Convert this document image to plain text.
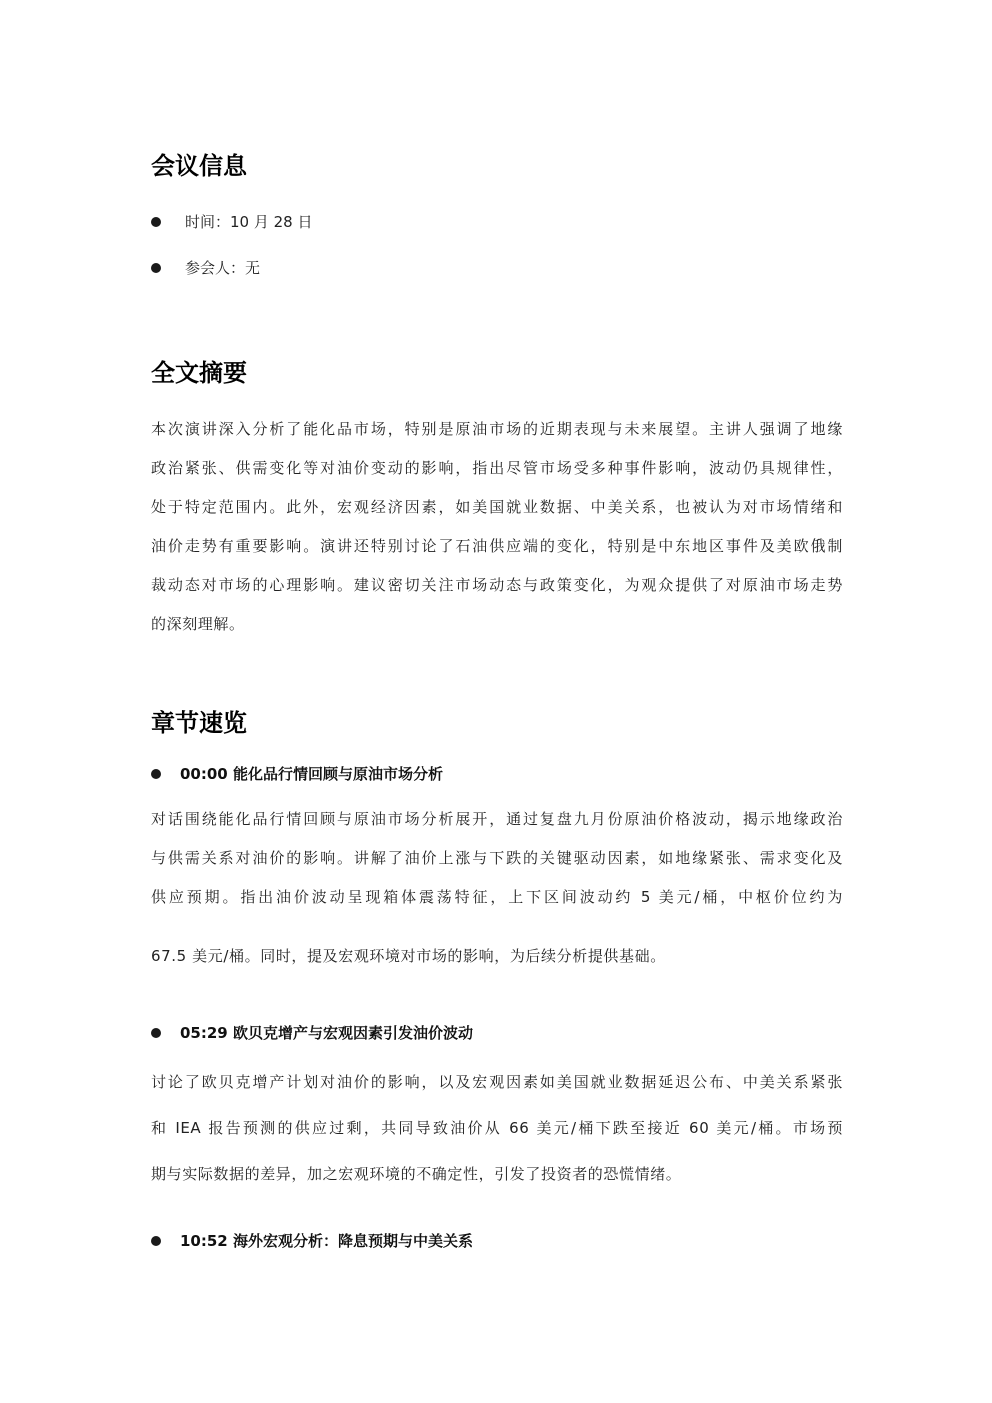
会议信息
时间：10 月 28 日
参会人：无
全文摘要
本次演讲深入分析了能化品市场，特别是原油市场的近期表现与未来展望。主讲人强调了地缘
政治紧张、供需变化等对油价变动的影响，指出尽管市场受多种事件影响，波动仍具规律性，
处于特定范围内。此外，宏观经济因素，如美国就业数据、中美关系，也被认为对市场情绪和
油价走势有重要影响。演讲还特别讨论了石油供应端的变化，特别是中东地区事件及美欧俄制
裁动态对市场的心理影响。建议密切关注市场动态与政策变化，为观众提供了对原油市场走势
的深刻理解。
章节速览
00:00 能化品行情回顾与原油市场分析
对话围绕能化品行情回顾与原油市场分析展开，通过复盘九月份原油价格波动，揭示地缘政治
与供需关系对油价的影响。讲解了油价上涨与下跌的关键驱动因素，如地缘紧张、需求变化及
供应预期。指出油价波动呈现箱体震荡特征，上下区间波动约 5 美元/桶，中枢价位约为
67.5 美元/桶。同时，提及宏观环境对市场的影响，为后续分析提供基础。
05:29 欧贝克增产与宏观因素引发油价波动
讨论了欧贝克增产计划对油价的影响，以及宏观因素如美国就业数据延迟公布、中美关系紧张
和 IEA 报告预测的供应过剩，共同导致油价从 66 美元/桶下跌至接近 60 美元/桶。市场预
期与实际数据的差异，加之宏观环境的不确定性，引发了投资者的恐慌情绪。
10:52 海外宏观分析：降息预期与中美关系
